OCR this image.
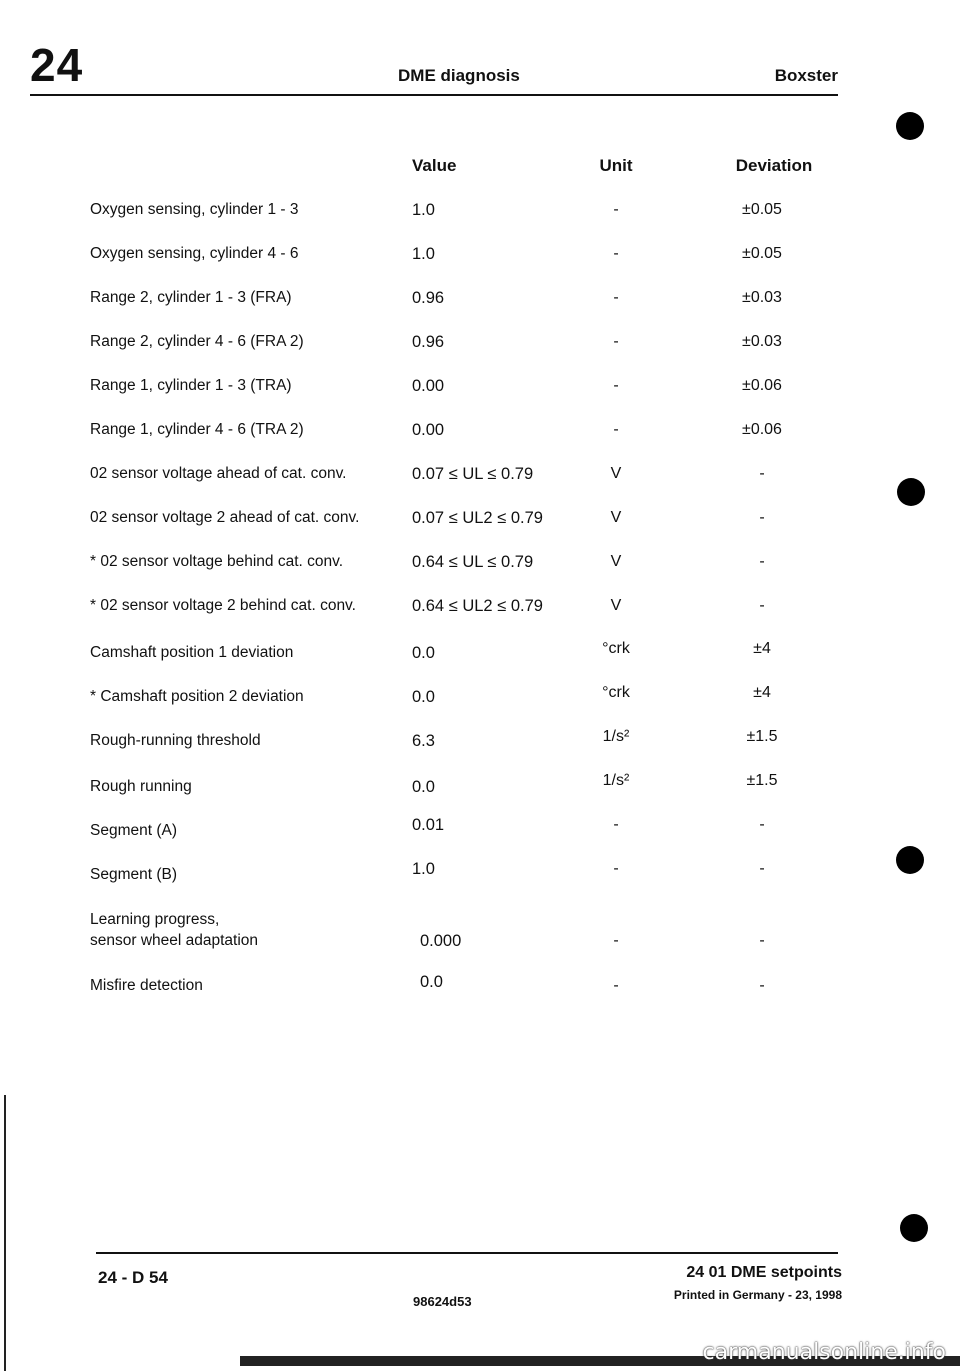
24	DME diagnosis	Boxster
Value	Unit	Deviation
Oxygen sensing, cylinder 1 - 3	1.0	-	±0.05
Oxygen sensing, cylinder 4 - 6	1.0	-	±0.05
Range 2, cylinder 1 - 3 (FRA)	0.96	-	±0.03
Range 2, cylinder 4 - 6 (FRA 2)	0.96	-	±0.03
Range 1, cylinder 1 - 3 (TRA)	0.00	-	±0.06
Range 1, cylinder 4 - 6 (TRA 2)	0.00	-	±0.06
02 sensor voltage ahead of cat. conv.	0.07 ≤ UL ≤ 0.79	V	-
02 sensor voltage 2 ahead of cat. conv.	0.07 ≤ UL2 ≤ 0.79	V	-
* 02 sensor voltage behind cat. conv.	0.64 ≤ UL ≤ 0.79	V	-
* 02 sensor voltage 2 behind cat. conv.	0.64 ≤ UL2 ≤ 0.79	V	-
Camshaft position 1 deviation	0.0	°crk	±4
* Camshaft position 2 deviation	0.0	°crk	±4
Rough-running threshold	6.3	1/s²	±1.5
Rough running	0.0	1/s²	±1.5
Segment (A)	0.01	-	-
Segment (B)	1.0	-	-
Learning progress,
sensor wheel adaptation	0.000	-	-
Misfire detection	0.0	-	-
24 - D 54
98624d53
24 01 DME setpoints
Printed in Germany - 23, 1998
carmanualsonline.info
